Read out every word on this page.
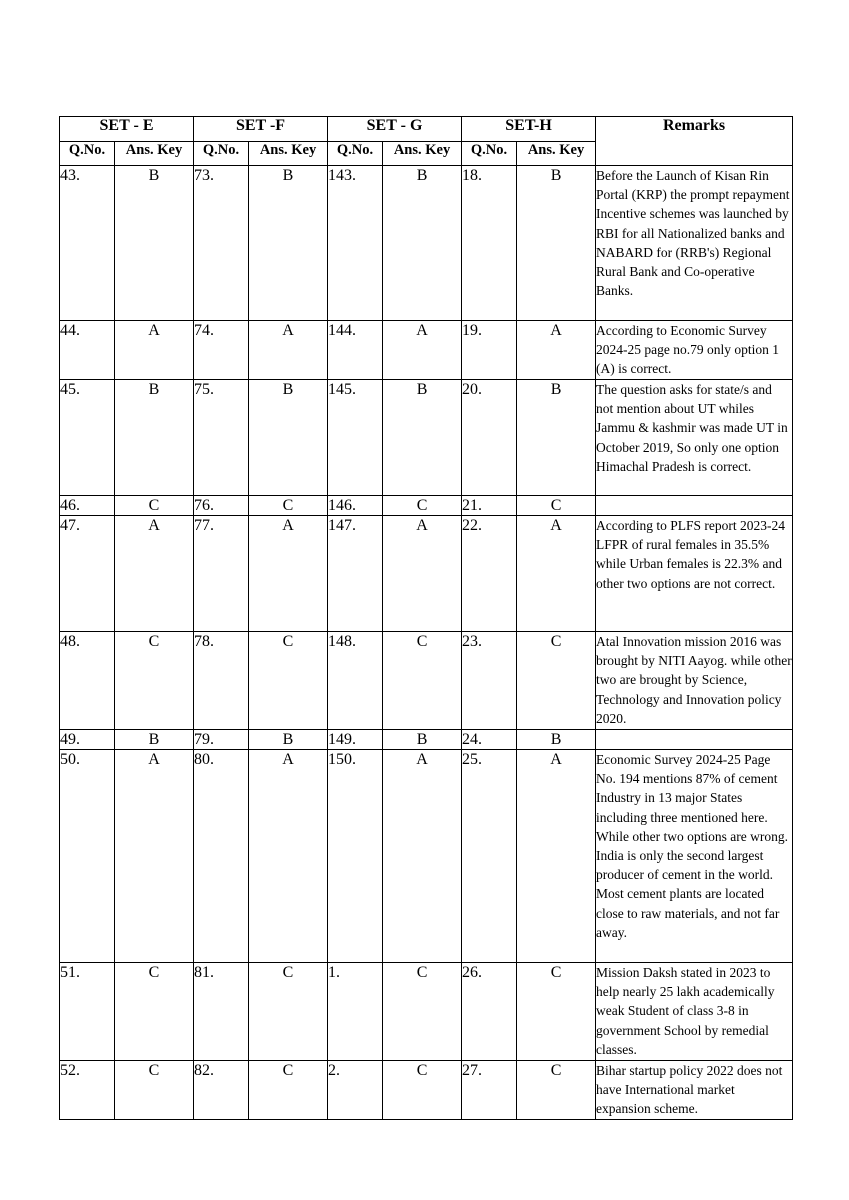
SET - E		SET -F		SET - G		SET-H		Remarks
Q.No.	Ans. Key	Q.No.	Ans. Key	Q.No.	Ans. Key	Q.No.	Ans. Key	
43.	B	73.	B	143.	B	18.	B	Before the Launch of Kisan Rin Portal (KRP) the prompt repayment Incentive schemes was launched by RBI for all Nationalized banks and NABARD for (RRB's) Regional Rural Bank and Co-operative Banks.
44.	A	74.	A	144.	A	19.	A	According to Economic Survey 2024-25 page no.79 only option 1 (A) is correct.
45.	B	75.	B	145.	B	20.	B	The question asks for state/s and not mention about UT whiles Jammu & kashmir was made UT in October 2019, So only one option Himachal Pradesh is correct.
46.	C	76.	C	146.	C	21.	C	
47.	A	77.	A	147.	A	22.	A	According to PLFS report 2023-24 LFPR of rural females in 35.5% while Urban females is 22.3% and other two options are not correct.
48.	C	78.	C	148.	C	23.	C	Atal Innovation mission 2016 was brought by NITI Aayog. while other two are brought by Science, Technology and Innovation policy 2020.
49.	B	79.	B	149.	B	24.	B	
50.	A	80.	A	150.	A	25.	A	Economic Survey 2024-25 Page No. 194 mentions 87% of cement Industry in 13 major States including three mentioned here. While other two options are wrong. India is only the second largest producer of cement in the world. Most cement plants are located close to raw materials, and not far away.
51.	C	81.	C	1.	C	26.	C	Mission Daksh stated in 2023 to help nearly 25 lakh academically weak Student of class 3-8 in government School by remedial classes.
52.	C	82.	C	2.	C	27.	C	Bihar startup policy 2022 does not have International market expansion scheme.
